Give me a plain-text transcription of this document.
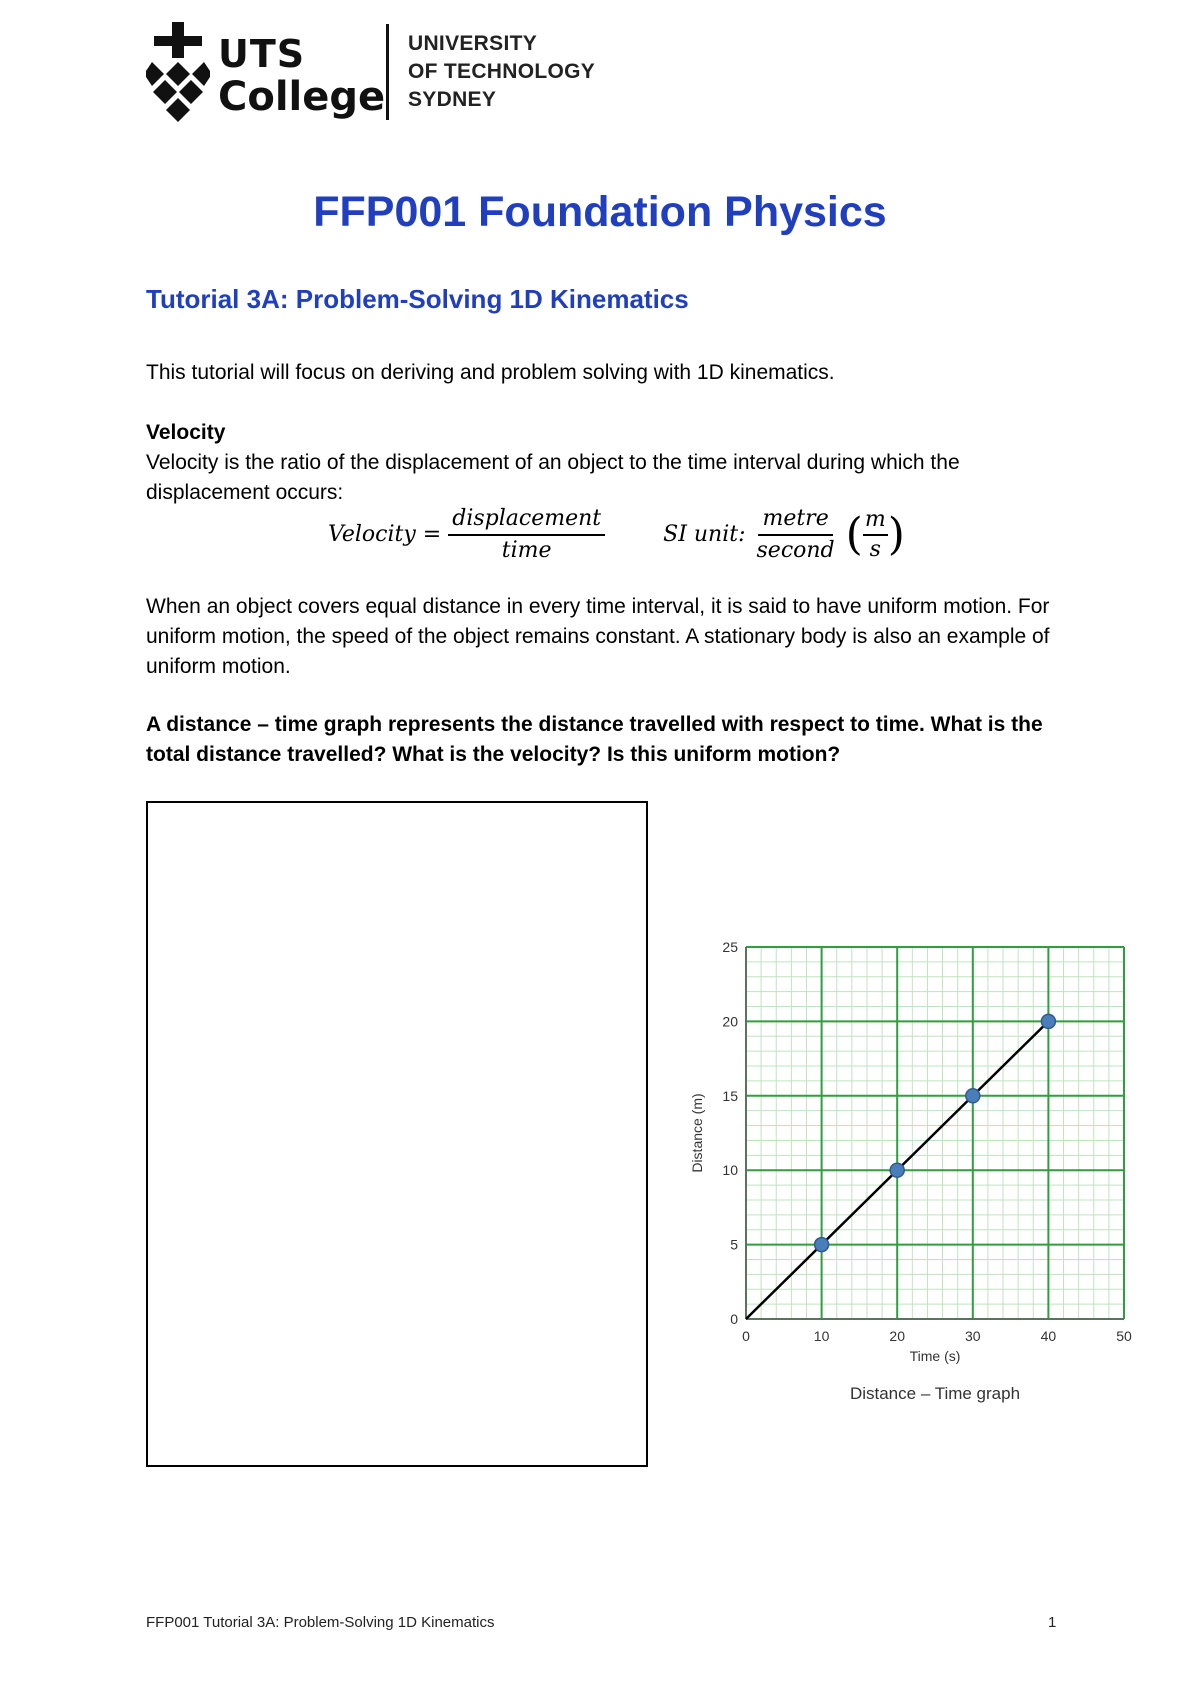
UTS
College
UNIVERSITY
OF TECHNOLOGY
SYDNEY
FFP001 Foundation Physics
Tutorial 3A: Problem-Solving 1D Kinematics
This tutorial will focus on deriving and problem solving with 1D kinematics.
Velocity
Velocity is the ratio of the displacement of an object to the time interval during which the displacement occurs:
Velocity = $\frac{\text{displacement}}{\text{time}}$	SI unit: $\frac{\text{metre}}{\text{second}}$ ( $\frac{m}{s}$ )
When an object covers equal distance in every time interval, it is said to have uniform motion. For uniform motion, the speed of the object remains constant. A stationary body is also an example of uniform motion.
A distance – time graph represents the distance travelled with respect to time. What is the total distance travelled? What is the velocity? Is this uniform motion?
0	10	20	30	40	50
0
5
10
15
20
25
Time (s)
Distance (m)
Distance – Time graph
FFP001 Tutorial 3A: Problem-Solving 1D Kinematics	1
